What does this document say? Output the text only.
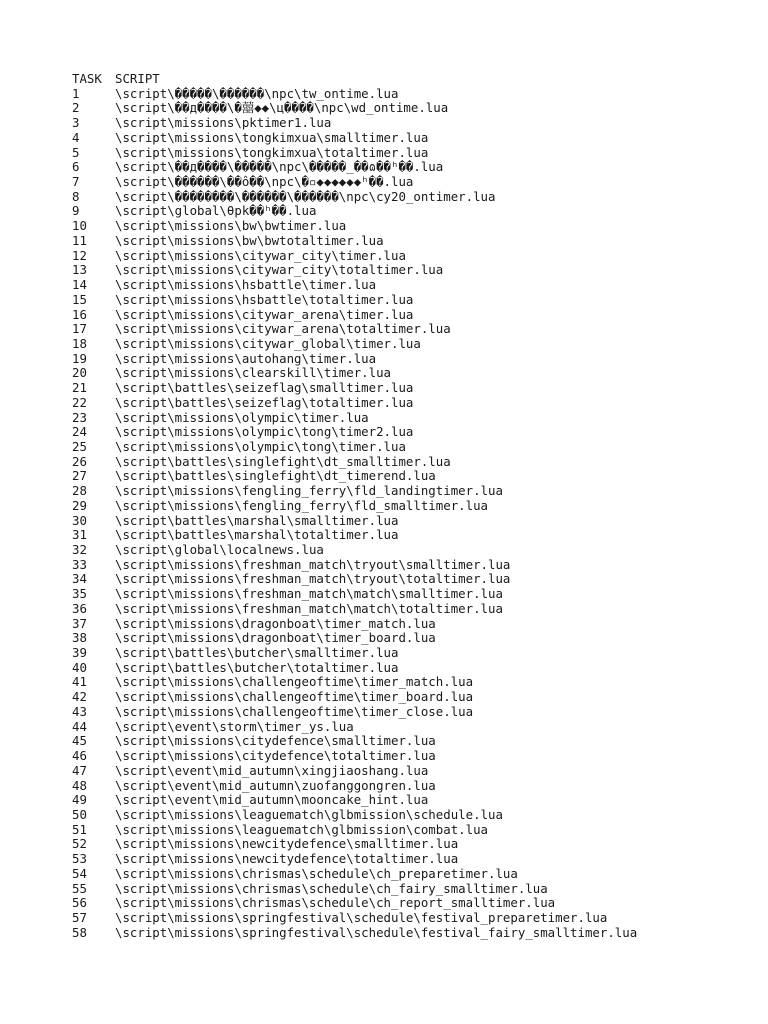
TASK	SCRIPT
1	\script\�����\������\npc\tw_ontime.lua
2	\script\��д����\�囍◆◆\ц����\npc\wd_ontime.lua
3	\script\missions\pktimer1.lua
4	\script\missions\tongkimxua\smalltimer.lua
5	\script\missions\tongkimxua\totaltimer.lua
6	\script\��д����\�����\npc\�����_��ɷ��ʰ��.lua
7	\script\������\��ô��\npc\�▫◆◆◆◆◆◆ʰ��.lua
8	\script\��������\������\������\npc\cy20_ontimer.lua
9	\script\global\θpk��ʰ��.lua
10	\script\missions\bw\bwtimer.lua
11	\script\missions\bw\bwtotaltimer.lua
12	\script\missions\citywar_city\timer.lua
13	\script\missions\citywar_city\totaltimer.lua
14	\script\missions\hsbattle\timer.lua
15	\script\missions\hsbattle\totaltimer.lua
16	\script\missions\citywar_arena\timer.lua
17	\script\missions\citywar_arena\totaltimer.lua
18	\script\missions\citywar_global\timer.lua
19	\script\missions\autohang\timer.lua
20	\script\missions\clearskill\timer.lua
21	\script\battles\seizeflag\smalltimer.lua
22	\script\battles\seizeflag\totaltimer.lua
23	\script\missions\olympic\timer.lua
24	\script\missions\olympic\tong\timer2.lua
25	\script\missions\olympic\tong\timer.lua
26	\script\battles\singlefight\dt_smalltimer.lua
27	\script\battles\singlefight\dt_timerend.lua
28	\script\missions\fengling_ferry\fld_landingtimer.lua
29	\script\missions\fengling_ferry\fld_smalltimer.lua
30	\script\battles\marshal\smalltimer.lua
31	\script\battles\marshal\totaltimer.lua
32	\script\global\localnews.lua
33	\script\missions\freshman_match\tryout\smalltimer.lua
34	\script\missions\freshman_match\tryout\totaltimer.lua
35	\script\missions\freshman_match\match\smalltimer.lua
36	\script\missions\freshman_match\match\totaltimer.lua
37	\script\missions\dragonboat\timer_match.lua
38	\script\missions\dragonboat\timer_board.lua
39	\script\battles\butcher\smalltimer.lua
40	\script\battles\butcher\totaltimer.lua
41	\script\missions\challengeoftime\timer_match.lua
42	\script\missions\challengeoftime\timer_board.lua
43	\script\missions\challengeoftime\timer_close.lua
44	\script\event\storm\timer_ys.lua
45	\script\missions\citydefence\smalltimer.lua
46	\script\missions\citydefence\totaltimer.lua
47	\script\event\mid_autumn\xingjiaoshang.lua
48	\script\event\mid_autumn\zuofanggongren.lua
49	\script\event\mid_autumn\mooncake_hint.lua
50	\script\missions\leaguematch\glbmission\schedule.lua
51	\script\missions\leaguematch\glbmission\combat.lua
52	\script\missions\newcitydefence\smalltimer.lua
53	\script\missions\newcitydefence\totaltimer.lua
54	\script\missions\chrismas\schedule\ch_preparetimer.lua
55	\script\missions\chrismas\schedule\ch_fairy_smalltimer.lua
56	\script\missions\chrismas\schedule\ch_report_smalltimer.lua
57	\script\missions\springfestival\schedule\festival_preparetimer.lua
58	\script\missions\springfestival\schedule\festival_fairy_smalltimer.lua
